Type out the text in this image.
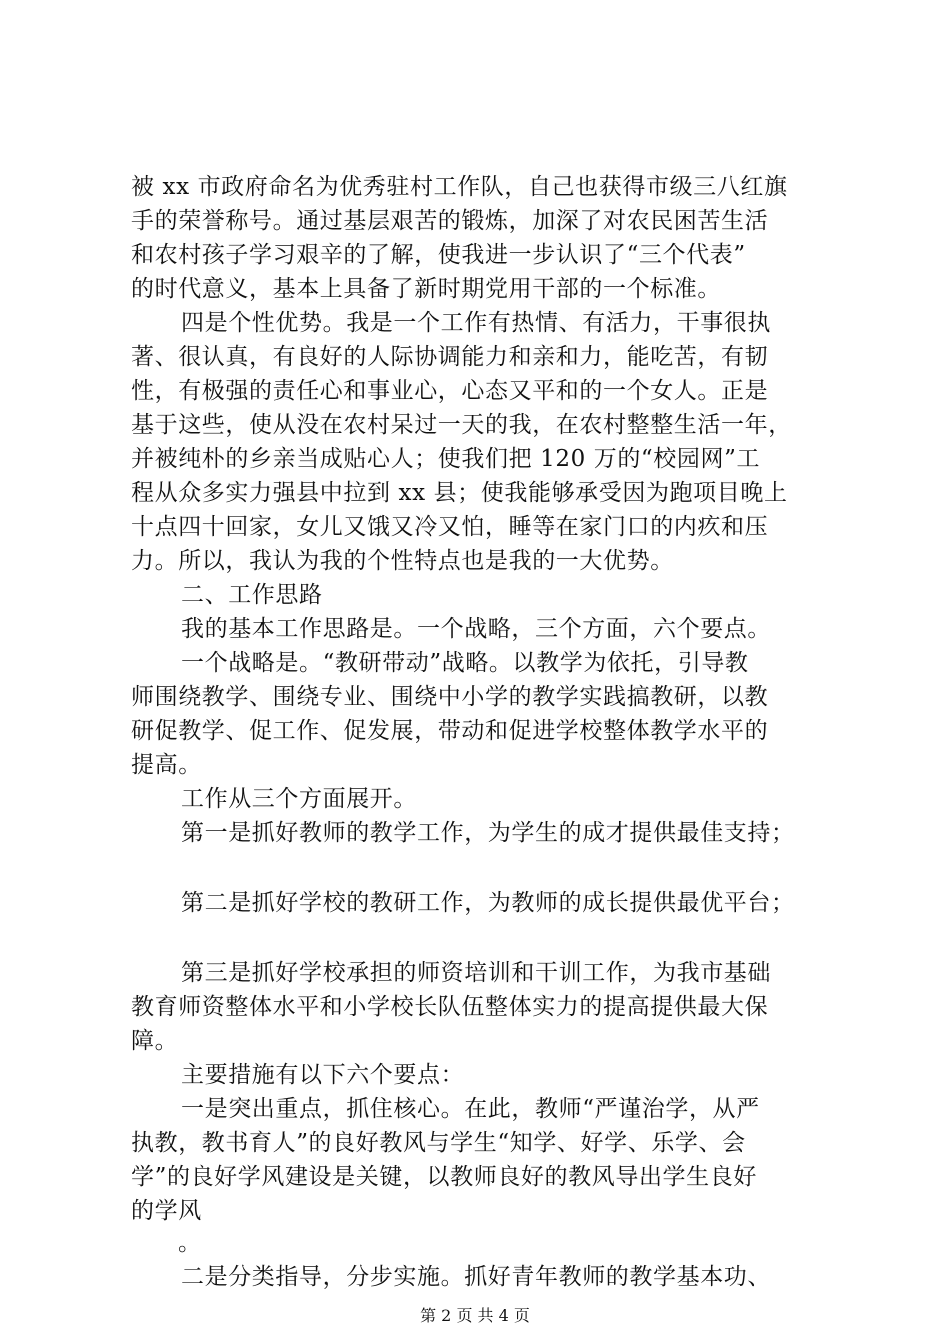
被 xx 市政府命名为优秀驻村工作队，自己也获得市级三八红旗
手的荣誉称号。通过基层艰苦的锻炼，加深了对农民困苦生活
和农村孩子学习艰辛的了解，使我进一步认识了“三个代表”
的时代意义，基本上具备了新时期党用干部的一个标准。
四是个性优势。我是一个工作有热情、有活力，干事很执
著、很认真，有良好的人际协调能力和亲和力，能吃苦，有韧
性，有极强的责任心和事业心，心态又平和的一个女人。正是
基于这些，使从没在农村呆过一天的我，在农村整整生活一年，
并被纯朴的乡亲当成贴心人；使我们把 120 万的“校园网”工
程从众多实力强县中拉到 xx 县；使我能够承受因为跑项目晚上
十点四十回家，女儿又饿又冷又怕，睡等在家门口的内疚和压
力。所以，我认为我的个性特点也是我的一大优势。
二、工作思路
我的基本工作思路是。一个战略，三个方面，六个要点。
一个战略是。“教研带动”战略。以教学为依托，引导教
师围绕教学、围绕专业、围绕中小学的教学实践搞教研，以教
研促教学、促工作、促发展，带动和促进学校整体教学水平的
提高。
工作从三个方面展开。
第一是抓好教师的教学工作，为学生的成才提供最佳支持；
第二是抓好学校的教研工作，为教师的成长提供最优平台；
第三是抓好学校承担的师资培训和干训工作，为我市基础
教育师资整体水平和小学校长队伍整体实力的提高提供最大保
障。
主要措施有以下六个要点：
一是突出重点，抓住核心。在此，教师“严谨治学，从严
执教，教书育人”的良好教风与学生“知学、好学、乐学、会
学”的良好学风建设是关键，以教师良好的教风导出学生良好
的学风
。
二是分类指导，分步实施。抓好青年教师的教学基本功、
第 2 页 共 4 页
